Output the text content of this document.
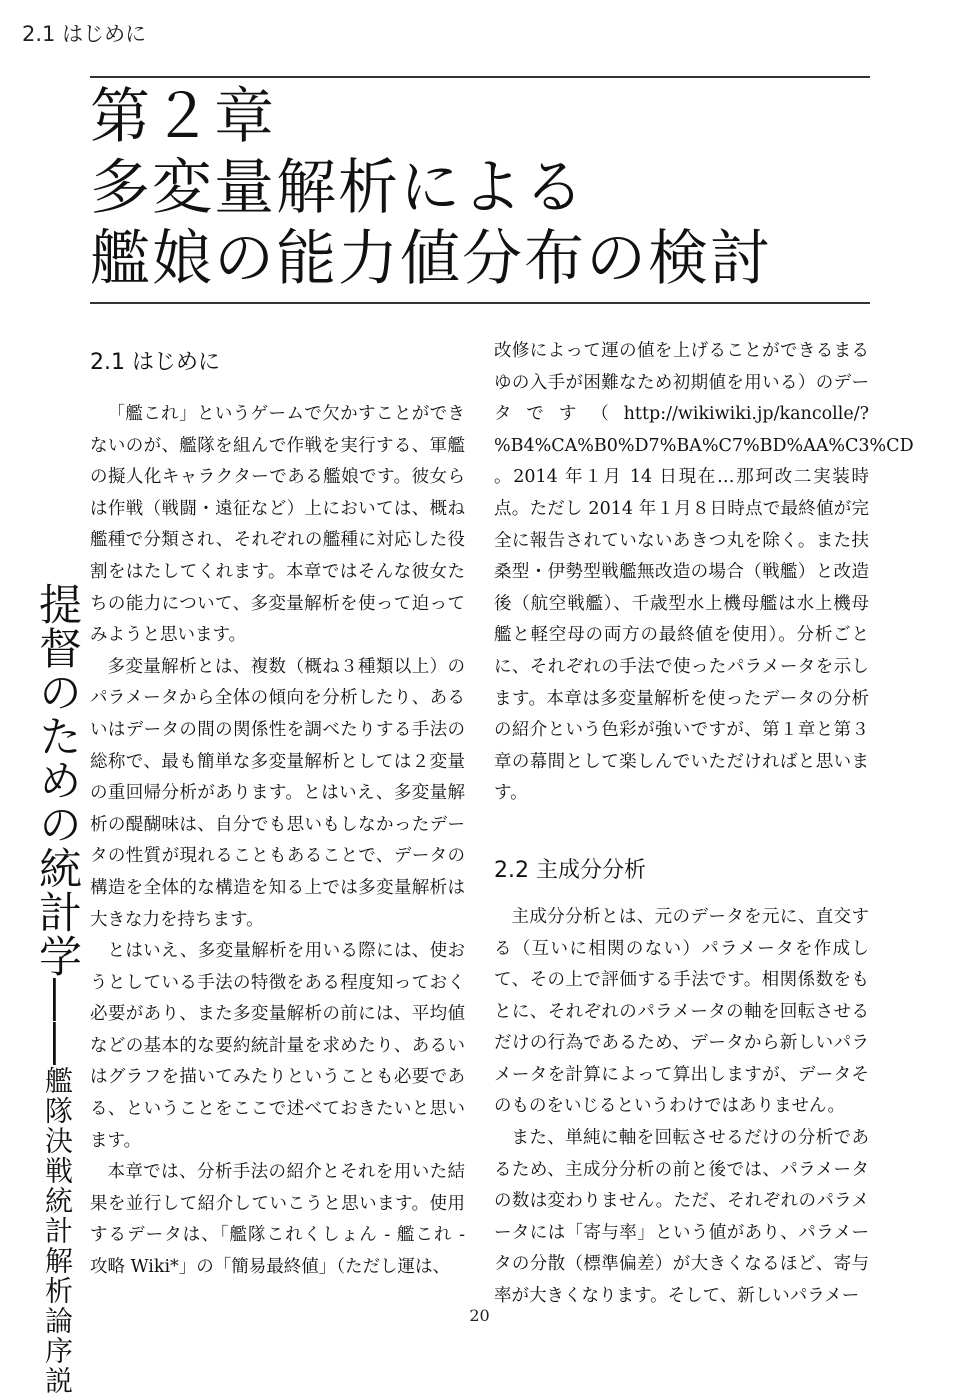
2.1 はじめに
第２章
多変量解析による
艦娘の能力値分布の検討
提督のための統計学――艦隊決戦統計解析論序説
2.1 はじめに

「艦これ」というゲームで欠かすことができないのが、艦隊を組んで作戦を実行する、軍艦の擬人化キャラクターである艦娘です。彼女らは作戦（戦闘・遠征など）上においては、概ね艦種で分類され、それぞれの艦種に対応した役割をはたしてくれます。本章ではそんな彼女たちの能力について、多変量解析を使って迫ってみようと思います。

多変量解析とは、複数（概ね３種類以上）のパラメータから全体の傾向を分析したり、あるいはデータの間の関係性を調べたりする手法の総称で、最も簡単な多変量解析としては２変量の重回帰分析があります。とはいえ、多変量解析の醍醐味は、自分でも思いもしなかったデータの性質が現れることもあることで、データの構造を全体的な構造を知る上では多変量解析は大きな力を持ちます。

とはいえ、多変量解析を用いる際には、使おうとしている手法の特徴をある程度知っておく必要があり、また多変量解析の前には、平均値などの基本的な要約統計量を求めたり、あるいはグラフを描いてみたりということも必要である、ということをここで述べておきたいと思います。

本章では、分析手法の紹介とそれを用いた結果を並行して紹介していこうと思います。使用するデータは、「艦隊これくしょん - 艦これ - 攻略 Wiki*」の「簡易最終値」（ただし運は、

改修によって運の値を上げることができるまるゆの入手が困難なため初期値を用いる）のデータです（http://wikiwiki.jp/kancolle/?%B4%CA%B0%D7%BA%C7%BD%AA%C3%CD 。2014 年１月 14 日現在…那珂改二実装時点。ただし 2014 年１月８日時点で最終値が完全に報告されていないあきつ丸を除く。また扶桑型・伊勢型戦艦無改造の場合（戦艦）と改造後（航空戦艦）、千歳型水上機母艦は水上機母艦と軽空母の両方の最終値を使用）。分析ごとに、それぞれの手法で使ったパラメータを示します。本章は多変量解析を使ったデータの分析の紹介という色彩が強いですが、第１章と第３章の幕間として楽しんでいただければと思います。

2.2 主成分分析

主成分分析とは、元のデータを元に、直交する（互いに相関のない）パラメータを作成して、その上で評価する手法です。相関係数をもとに、それぞれのパラメータの軸を回転させるだけの行為であるため、データから新しいパラメータを計算によって算出しますが、データそのものをいじるというわけではありません。

また、単純に軸を回転させるだけの分析であるため、主成分分析の前と後では、パラメータの数は変わりません。ただ、それぞれのパラメータには「寄与率」という値があり、パラメータの分散（標準偏差）が大きくなるほど、寄与率が大きくなります。そして、新しいパラメー

20
